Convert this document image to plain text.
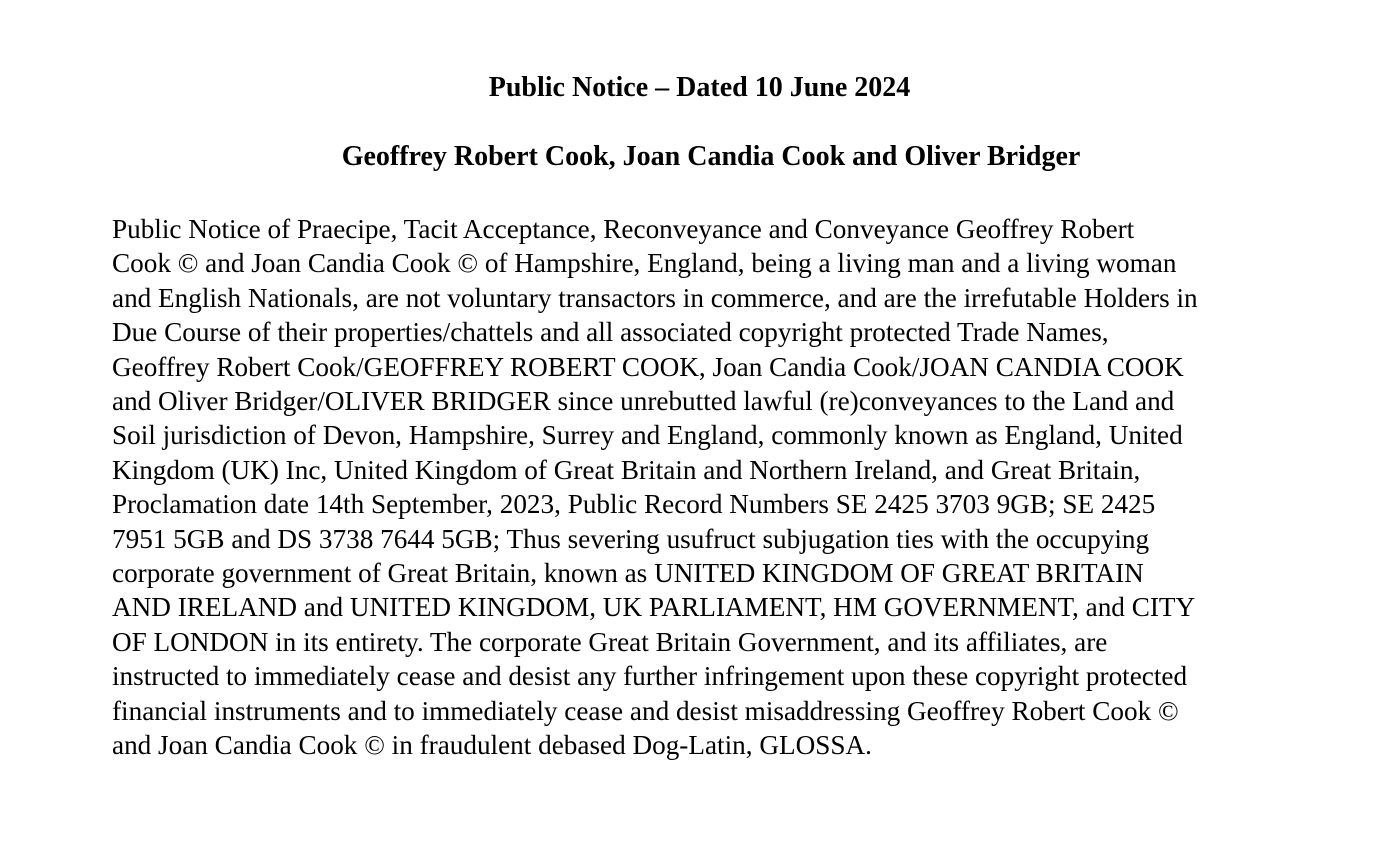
Public Notice – Dated 10 June 2024
Geoffrey Robert Cook, Joan Candia Cook and Oliver Bridger
Public Notice of Praecipe, Tacit Acceptance, Reconveyance and Conveyance Geoffrey Robert
Cook © and Joan Candia Cook © of Hampshire, England, being a living man and a living woman
and English Nationals, are not voluntary transactors in commerce, and are the irrefutable Holders in
Due Course of their properties/chattels and all associated copyright protected Trade Names,
Geoffrey Robert Cook/GEOFFREY ROBERT COOK, Joan Candia Cook/JOAN CANDIA COOK
and Oliver Bridger/OLIVER BRIDGER since unrebutted lawful (re)conveyances to the Land and
Soil jurisdiction of Devon, Hampshire, Surrey and England, commonly known as England, United
Kingdom (UK) Inc, United Kingdom of Great Britain and Northern Ireland, and Great Britain,
Proclamation date 14th September, 2023, Public Record Numbers SE 2425 3703 9GB; SE 2425
7951 5GB and DS 3738 7644 5GB; Thus severing usufruct subjugation ties with the occupying
corporate government of Great Britain, known as UNITED KINGDOM OF GREAT BRITAIN
AND IRELAND and UNITED KINGDOM, UK PARLIAMENT, HM GOVERNMENT, and CITY
OF LONDON in its entirety. The corporate Great Britain Government, and its affiliates, are
instructed to immediately cease and desist any further infringement upon these copyright protected
financial instruments and to immediately cease and desist misaddressing Geoffrey Robert Cook ©
and Joan Candia Cook © in fraudulent debased Dog-Latin, GLOSSA.
